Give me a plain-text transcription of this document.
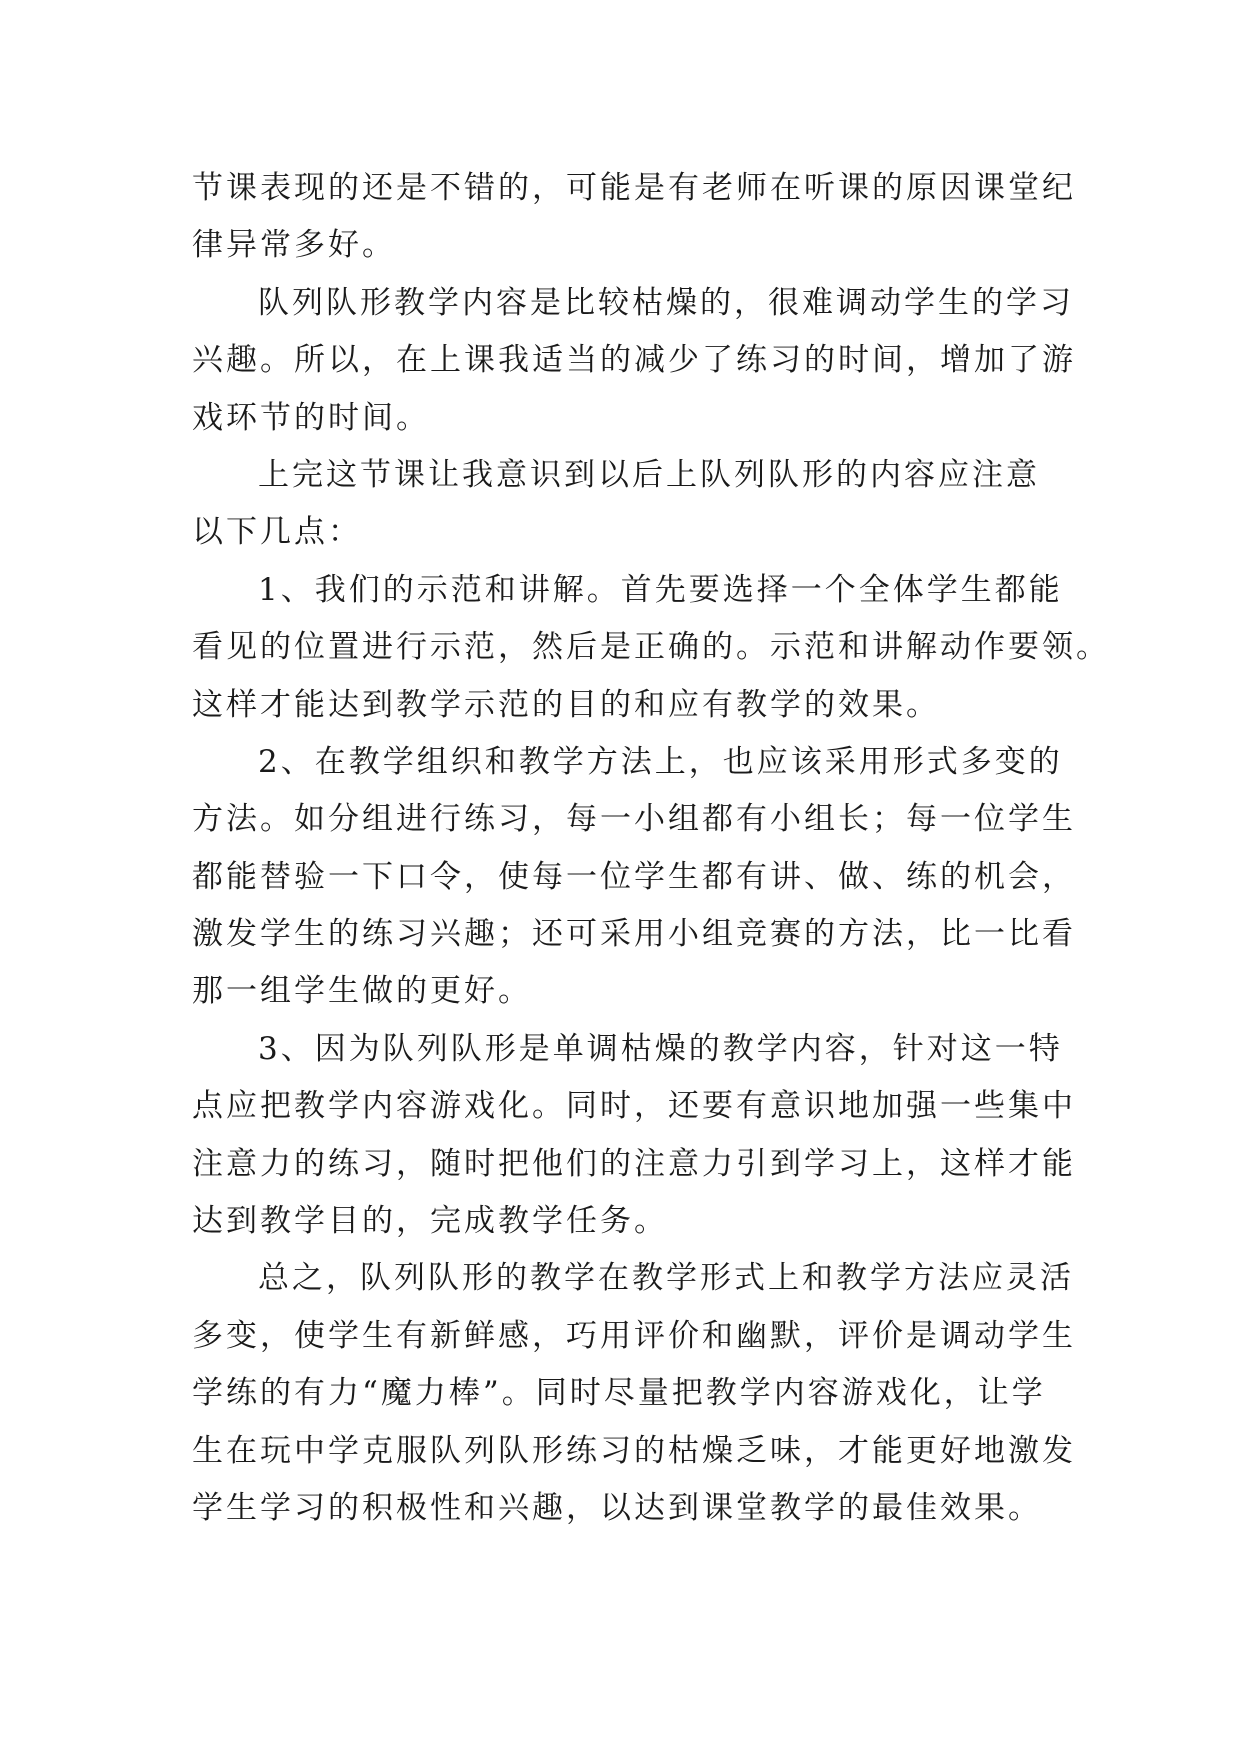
节课表现的还是不错的，可能是有老师在听课的原因课堂纪
律异常多好。
队列队形教学内容是比较枯燥的，很难调动学生的学习
兴趣。所以，在上课我适当的减少了练习的时间，增加了游
戏环节的时间。
上完这节课让我意识到以后上队列队形的内容应注意
以下几点：
1、我们的示范和讲解。首先要选择一个全体学生都能
看见的位置进行示范，然后是正确的。示范和讲解动作要领。
这样才能达到教学示范的目的和应有教学的效果。
2、在教学组织和教学方法上，也应该采用形式多变的
方法。如分组进行练习，每一小组都有小组长；每一位学生
都能替验一下口令，使每一位学生都有讲、做、练的机会，
激发学生的练习兴趣；还可采用小组竞赛的方法，比一比看
那一组学生做的更好。
3、因为队列队形是单调枯燥的教学内容，针对这一特
点应把教学内容游戏化。同时，还要有意识地加强一些集中
注意力的练习，随时把他们的注意力引到学习上，这样才能
达到教学目的，完成教学任务。
总之，队列队形的教学在教学形式上和教学方法应灵活
多变，使学生有新鲜感，巧用评价和幽默，评价是调动学生
学练的有力“魔力棒”。同时尽量把教学内容游戏化，让学
生在玩中学克服队列队形练习的枯燥乏味，才能更好地激发
学生学习的积极性和兴趣，以达到课堂教学的最佳效果。
